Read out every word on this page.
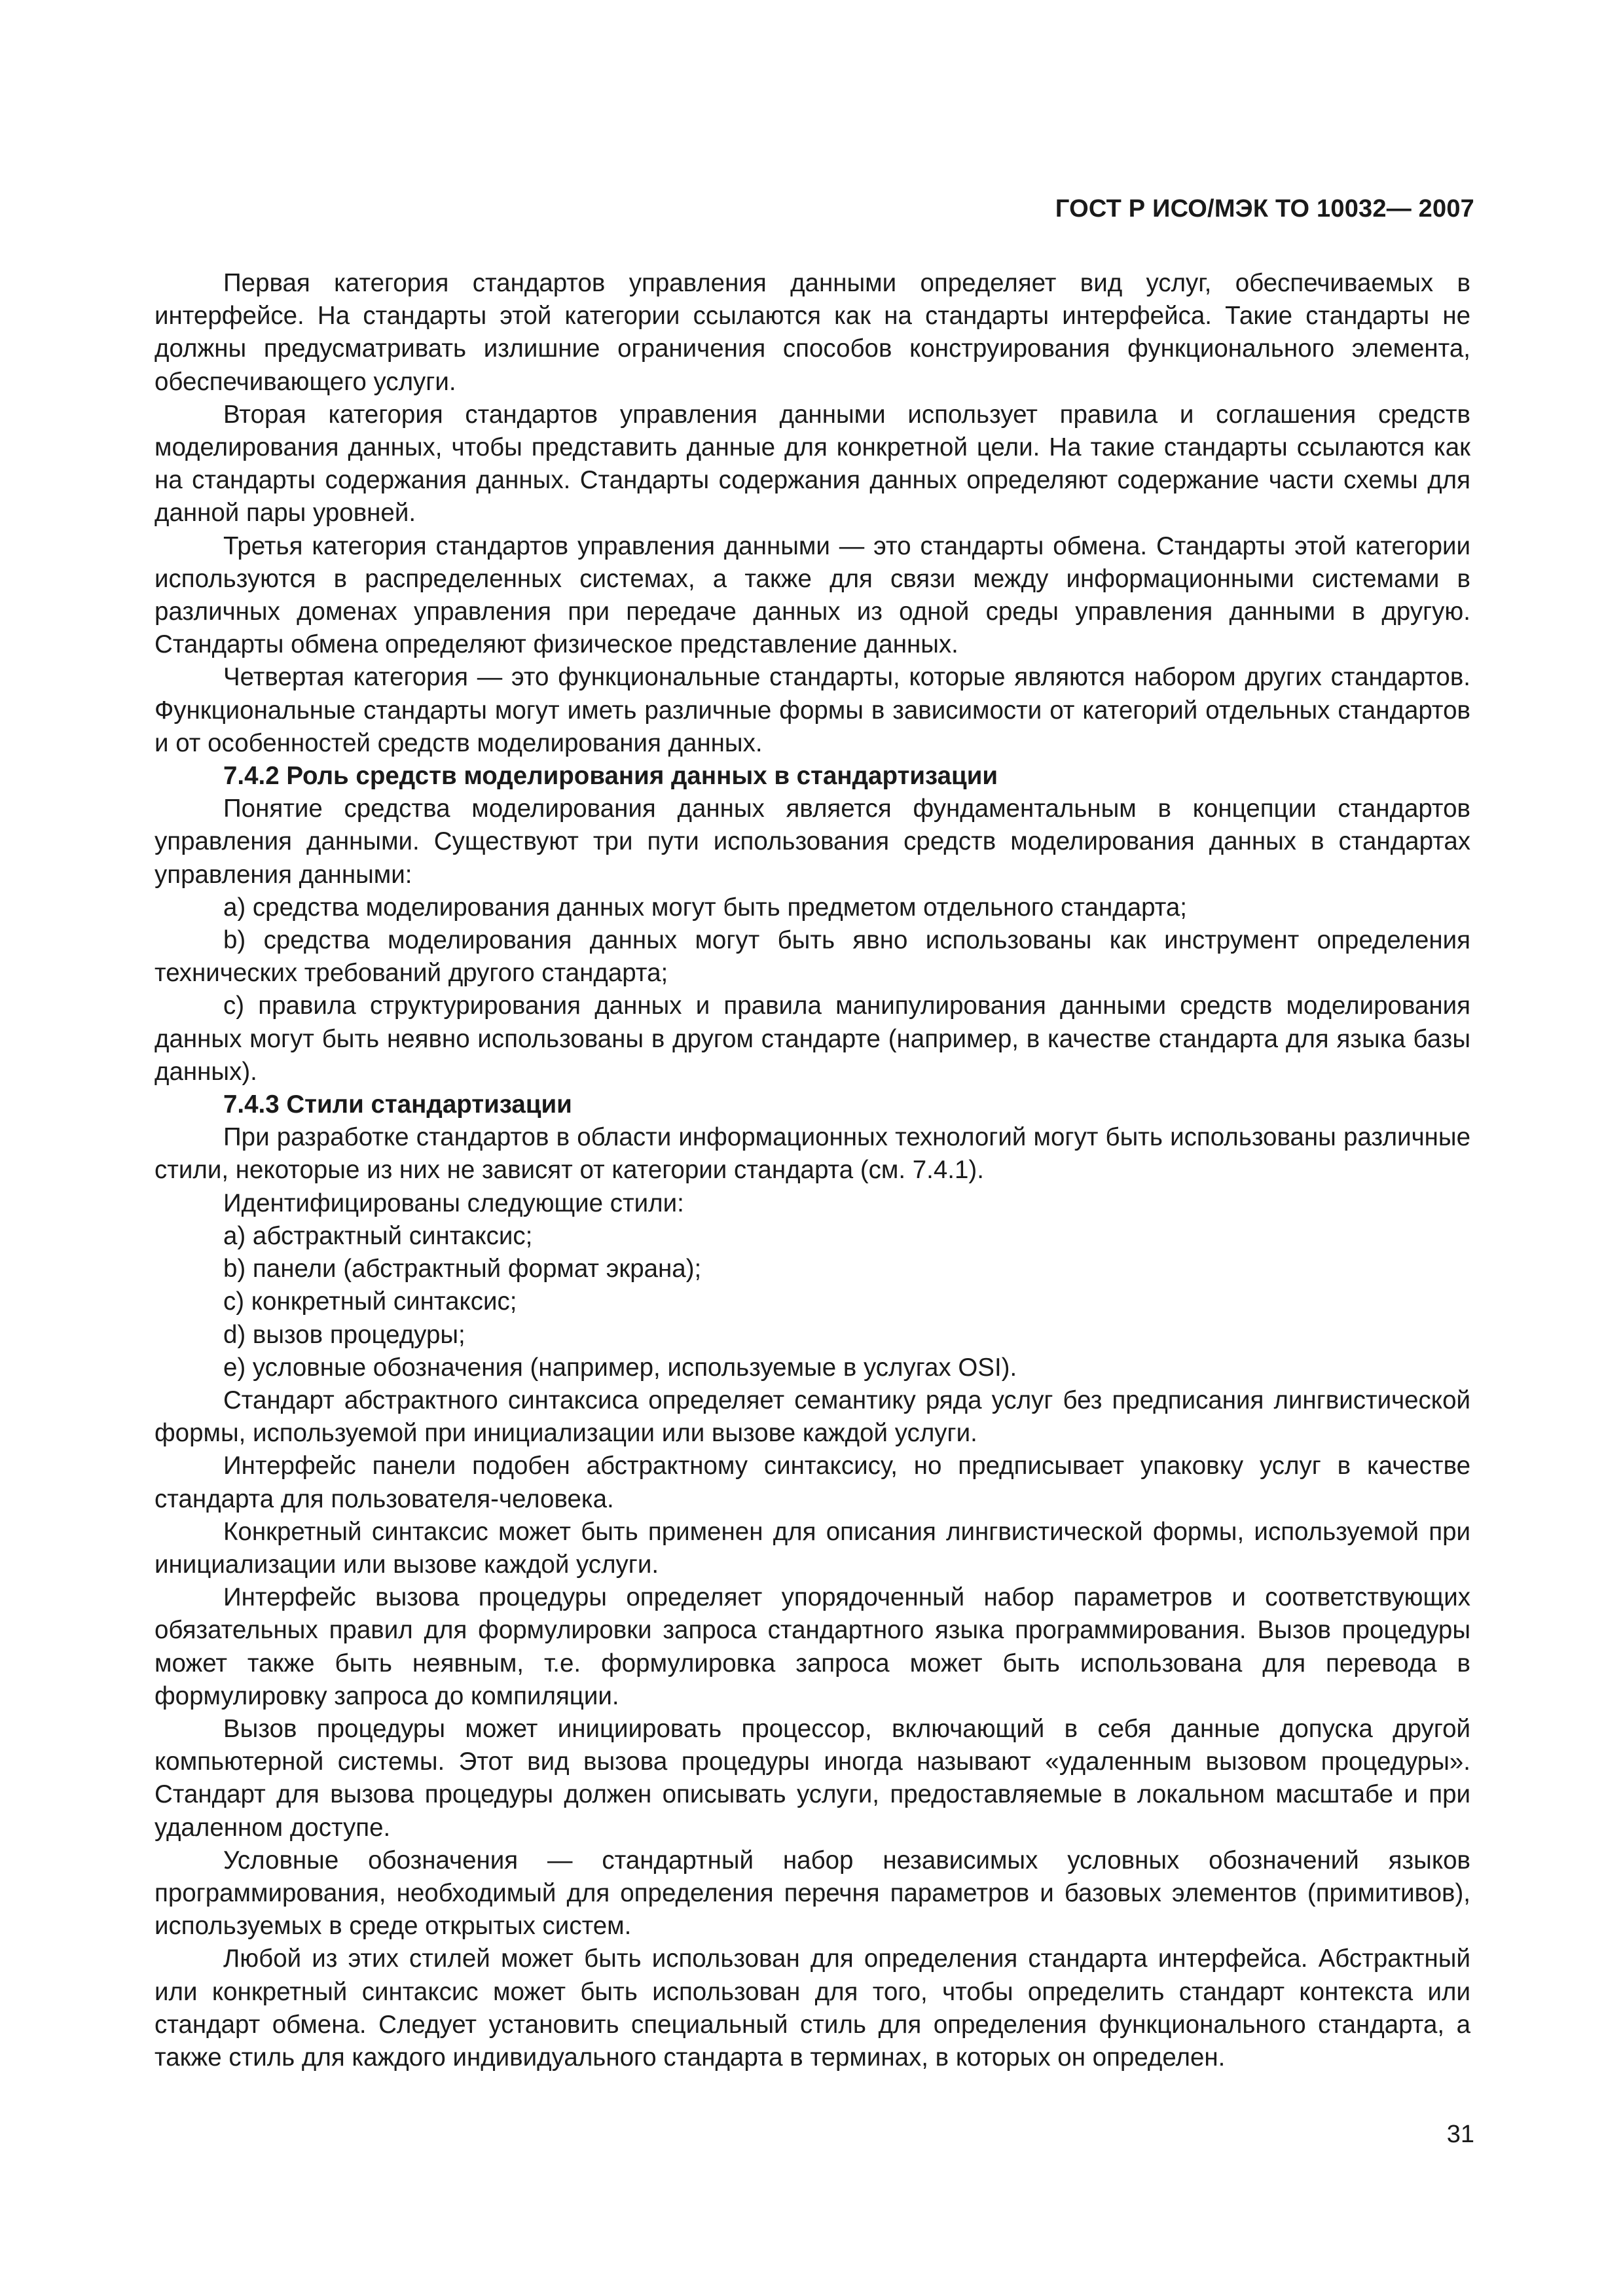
ГОСТ Р ИСО/МЭК ТО 10032— 2007

Первая категория стандартов управления данными определяет вид услуг, обеспечиваемых в интерфейсе. На стандарты этой категории ссылаются как на стандарты интерфейса. Такие стандарты не должны предусматривать излишние ограничения способов конструирования функционального элемента, обеспечивающего услуги.

Вторая категория стандартов управления данными использует правила и соглашения средств моделирования данных, чтобы представить данные для конкретной цели. На такие стандарты ссылаются как на стандарты содержания данных. Стандарты содержания данных определяют содержание части схемы для данной пары уровней.

Третья категория стандартов управления данными — это стандарты обмена. Стандарты этой категории используются в распределенных системах, а также для связи между информационными системами в различных доменах управления при передаче данных из одной среды управления данными в другую. Стандарты обмена определяют физическое представление данных.

Четвертая категория — это функциональные стандарты, которые являются набором других стандартов. Функциональные стандарты могут иметь различные формы в зависимости от категорий отдельных стандартов и от особенностей средств моделирования данных.

7.4.2 Роль средств моделирования данных в стандартизации

Понятие средства моделирования данных является фундаментальным в концепции стандартов управления данными. Существуют три пути использования средств моделирования данных в стандартах управления данными:

а) средства моделирования данных могут быть предметом отдельного стандарта;

b) средства моделирования данных могут быть явно использованы как инструмент определения технических требований другого стандарта;

с) правила структурирования данных и правила манипулирования данными средств моделирования данных могут быть неявно использованы в другом стандарте (например, в качестве стандарта для языка базы данных).

7.4.3 Стили стандартизации

При разработке стандартов в области информационных технологий могут быть использованы различные стили, некоторые из них не зависят от категории стандарта (см. 7.4.1).

Идентифицированы следующие стили:

а) абстрактный синтаксис;

b) панели (абстрактный формат экрана);

с) конкретный синтаксис;

d) вызов процедуры;

е) условные обозначения (например, используемые в услугах OSI).

Стандарт абстрактного синтаксиса определяет семантику ряда услуг без предписания лингвистической формы, используемой при инициализации или вызове каждой услуги.

Интерфейс панели подобен абстрактному синтаксису, но предписывает упаковку услуг в качестве стандарта для пользователя-человека.

Конкретный синтаксис может быть применен для описания лингвистической формы, используемой при инициализации или вызове каждой услуги.

Интерфейс вызова процедуры определяет упорядоченный набор параметров и соответствующих обязательных правил для формулировки запроса стандартного языка программирования. Вызов процедуры может также быть неявным, т.е. формулировка запроса может быть использована для перевода в формулировку запроса до компиляции.

Вызов процедуры может инициировать процессор, включающий в себя данные допуска другой компьютерной системы. Этот вид вызова процедуры иногда называют «удаленным вызовом процедуры». Стандарт для вызова процедуры должен описывать услуги, предоставляемые в локальном масштабе и при удаленном доступе.

Условные обозначения — стандартный набор независимых условных обозначений языков программирования, необходимый для определения перечня параметров и базовых элементов (примитивов), используемых в среде открытых систем.

Любой из этих стилей может быть использован для определения стандарта интерфейса. Абстрактный или конкретный синтаксис может быть использован для того, чтобы определить стандарт контекста или стандарт обмена. Следует установить специальный стиль для определения функционального стандарта, а также стиль для каждого индивидуального стандарта в терминах, в которых он определен.

31
